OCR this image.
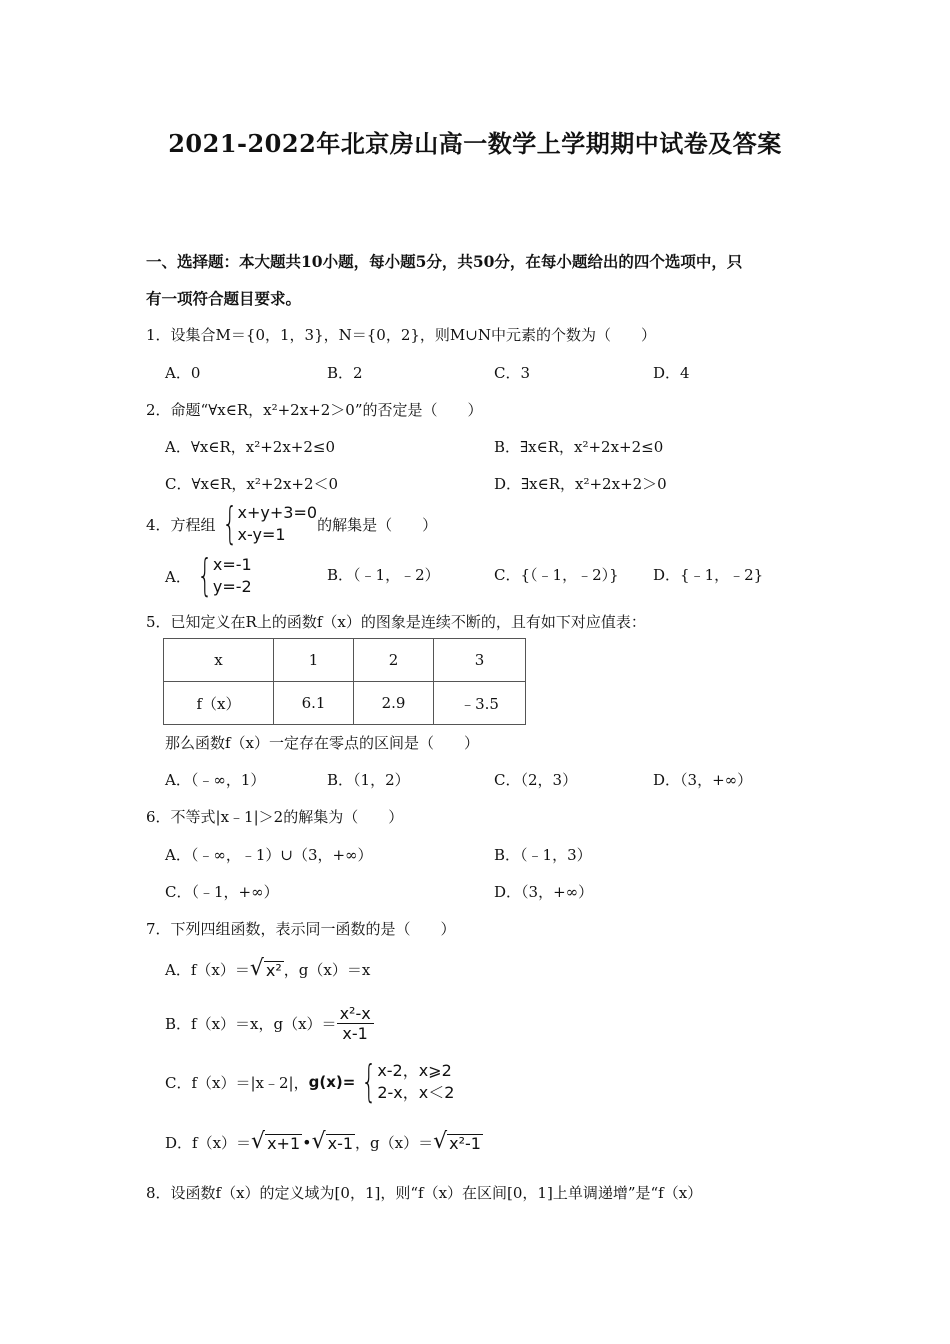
2021-2022年北京房山高一数学上学期期中试卷及答案
一、选择题：本大题共10小题，每小题5分，共50分，在每小题给出的四个选项中，只
有一项符合题目要求。
1．设集合M＝{0，1，3}，N＝{0，2}，则M∪N中元素的个数为（　　）
A．0	B．2	C．3	D．4
2．命题“∀x∈R，x²+2x+2＞0”的否定是（　　）
A．∀x∈R，x²+2x+2≤0	B．∃x∈R，x²+2x+2≤0
C．∀x∈R，x²+2x+2＜0	D．∃x∈R，x²+2x+2＞0
4．方程组 { x+y+3=0
x-y=1
的解集是（　　）
A． { x=-1
y=-2
B．（﹣1，﹣2）	C．{（﹣1，﹣2）} D．{﹣1，﹣2}
5．已知定义在R上的函数f（x）的图象是连续不断的，且有如下对应值表：
x	1	2	3
f（x）	6.1	2.9	﹣3.5
那么函数f（x）一定存在零点的区间是（　　）
A．（﹣∞，1）	B．（1，2）	C．（2，3）	D．（3，+∞）
6．不等式|x﹣1|＞2的解集为（　　）
A．（﹣∞，﹣1）∪（3，+∞）	B．（﹣1，3）
C．（﹣1，+∞）	D．（3，+∞）
7．下列四组函数，表示同一函数的是（　　）
A．f（x）＝ √ x² ，g（x）＝x
B．f（x）＝x，$g(x)= \frac{\text{x²-x}}{x-1}$
C．f（x）＝|x﹣2|， g(x)= { x-2，x⩾2
2-x，x＜2
D．f（x）＝ √ x+1 • √ x-1 ，g（x）＝ √ x²-1
8．设函数f（x）的定义域为[0，1]，则“f（x）在区间[0，1]上单调递增”是“f（x）
